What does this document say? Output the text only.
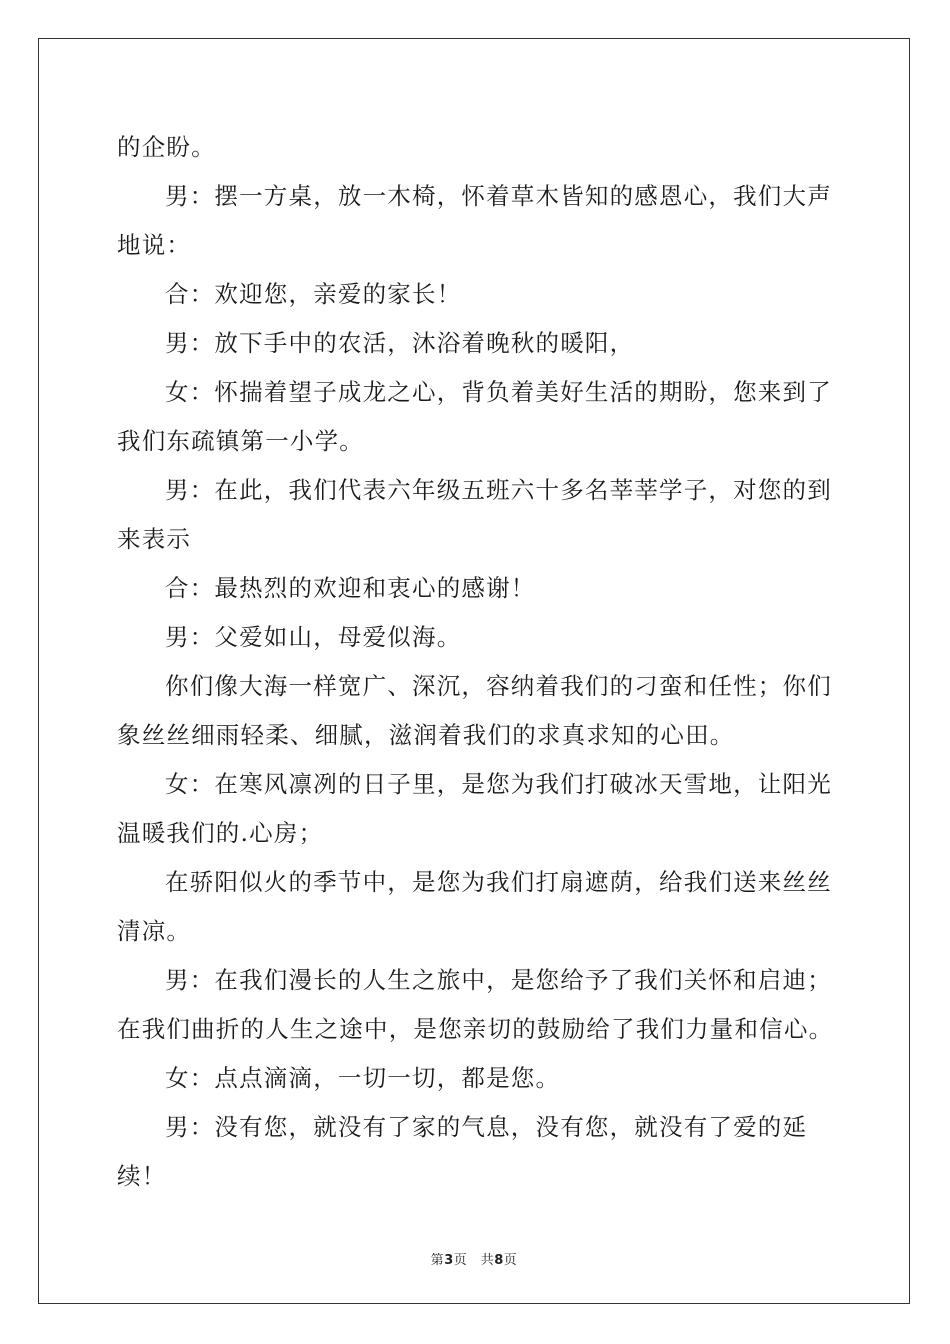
的企盼。

男：摆一方桌，放一木椅，怀着草木皆知的感恩心，我们大声地说：

合：欢迎您，亲爱的家长！

男：放下手中的农活，沐浴着晚秋的暖阳，

女：怀揣着望子成龙之心，背负着美好生活的期盼，您来到了我们东疏镇第一小学。

男：在此，我们代表六年级五班六十多名莘莘学子，对您的到来表示

合：最热烈的欢迎和衷心的感谢！

男：父爱如山，母爱似海。

你们像大海一样宽广、深沉，容纳着我们的刁蛮和任性；你们象丝丝细雨轻柔、细腻，滋润着我们的求真求知的心田。

女：在寒风凛冽的日子里，是您为我们打破冰天雪地，让阳光温暖我们的.心房；

在骄阳似火的季节中，是您为我们打扇遮荫，给我们送来丝丝清凉。

男：在我们漫长的人生之旅中，是您给予了我们关怀和启迪；在我们曲折的人生之途中，是您亲切的鼓励给了我们力量和信心。

女：点点滴滴，一切一切，都是您。

男：没有您，就没有了家的气息，没有您，就没有了爱的延续！

第3页　共8页
